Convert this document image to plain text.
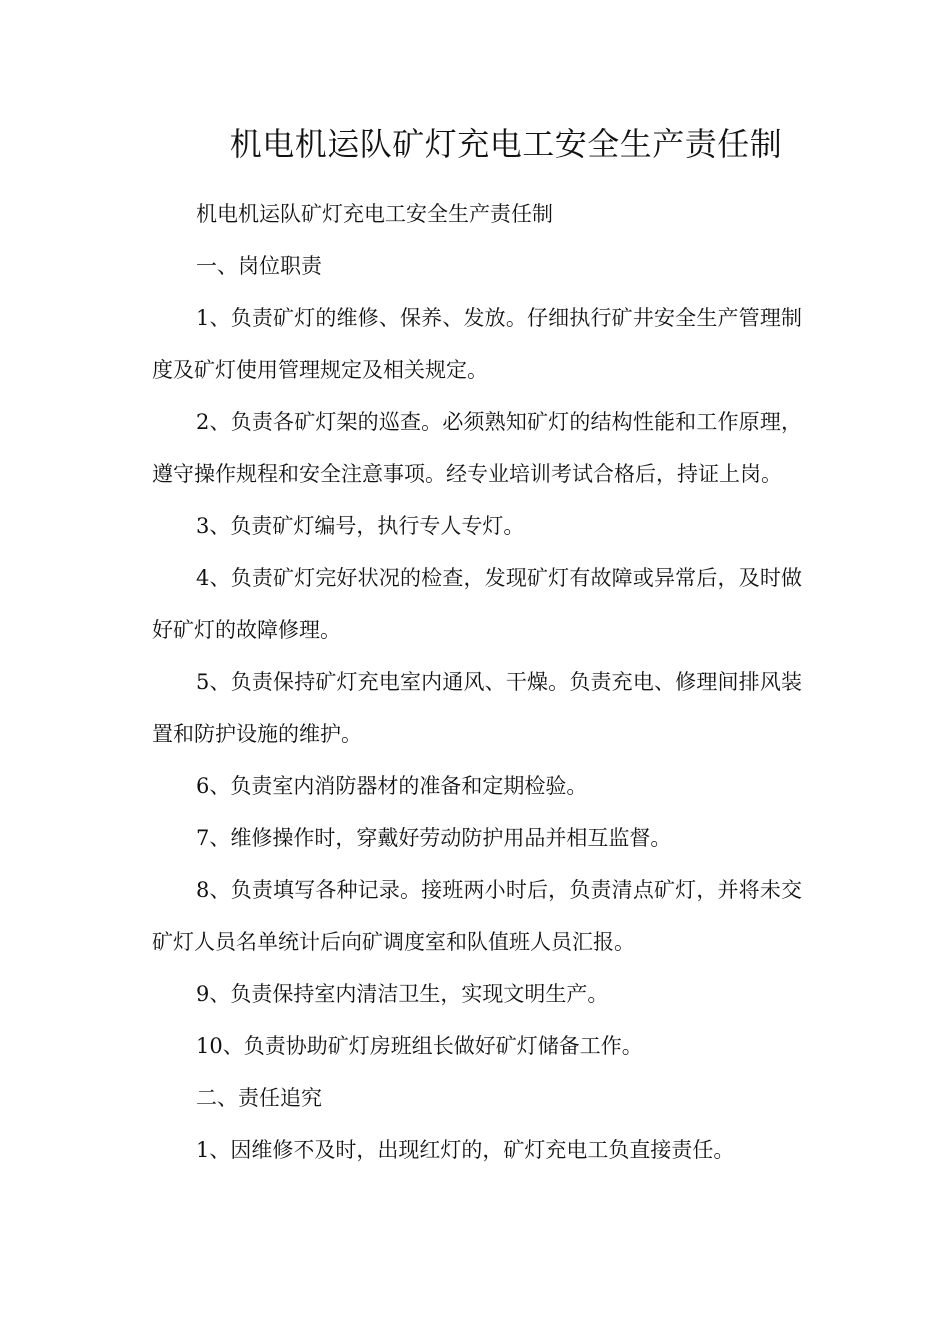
机电机运队矿灯充电工安全生产责任制

机电机运队矿灯充电工安全生产责任制

一、岗位职责

1、负责矿灯的维修、保养、发放。仔细执行矿井安全生产管理制度及矿灯使用管理规定及相关规定。

2、负责各矿灯架的巡查。必须熟知矿灯的结构性能和工作原理，遵守操作规程和安全注意事项。经专业培训考试合格后，持证上岗。

3、负责矿灯编号，执行专人专灯。

4、负责矿灯完好状况的检查，发现矿灯有故障或异常后，及时做好矿灯的故障修理。

5、负责保持矿灯充电室内通风、干燥。负责充电、修理间排风装置和防护设施的维护。

6、负责室内消防器材的准备和定期检验。

7、维修操作时，穿戴好劳动防护用品并相互监督。

8、负责填写各种记录。接班两小时后，负责清点矿灯，并将未交矿灯人员名单统计后向矿调度室和队值班人员汇报。

9、负责保持室内清洁卫生，实现文明生产。

10、负责协助矿灯房班组长做好矿灯储备工作。

二、责任追究

1、因维修不及时，出现红灯的，矿灯充电工负直接责任。
